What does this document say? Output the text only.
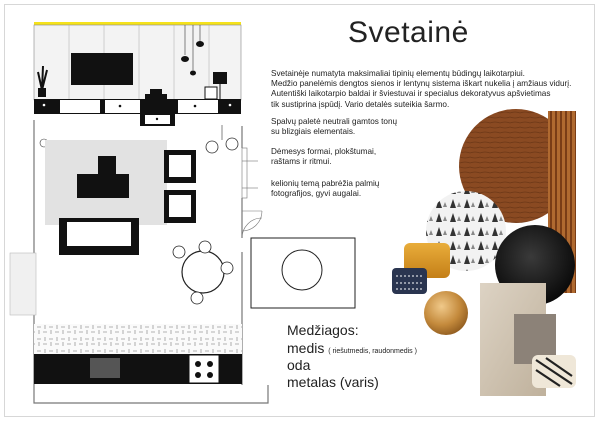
Svetainė
Svetainėje numatyta maksimaliai tipinių elementų būdingų laikotarpiui.
Medžio panelėmis dengtos sienos ir lentynų sistema iškart nukelia į amžiaus vidurį.
Autentiški laikotarpio baldai ir šviestuvai ir specialus dekoratyvus apšvietimas
tik sustiprina įspūdį. Vario detalės suteikia šarmo.
Spalvų paletė neutrali gamtos tonų
su blizgiais elementais.
Dėmesys formai, plokštumai,
raštams ir ritmui.
kelionių temą pabrėžia palmių
fotografijos, gyvi augalai.
Medžiagos:
medis ( riešutmedis, raudonmedis )
oda
metalas (varis)
